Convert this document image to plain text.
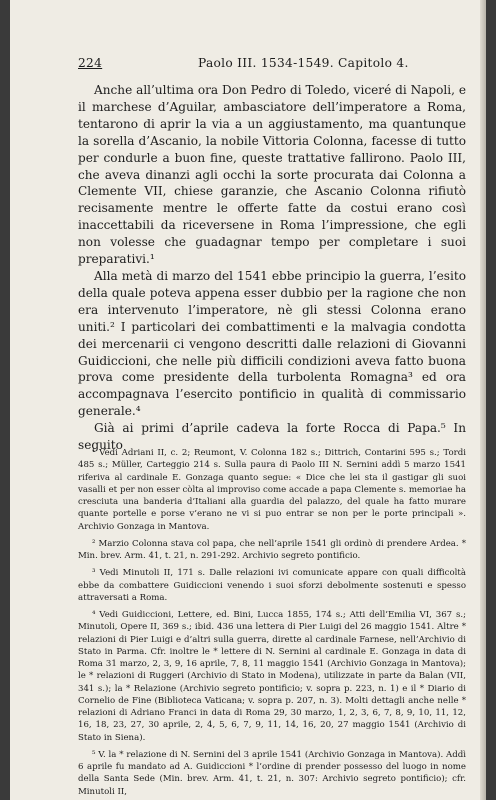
224	Paolo III. 1534-1549. Capitolo 4.

Anche all’ultima ora Don Pedro di Toledo, viceré di Napoli, e il marchese d’Aguilar, ambasciatore dell’imperatore a Roma, tentarono di aprir la via a un aggiustamento, ma quantunque la sorella d’Ascanio, la nobile Vittoria Colonna, facesse di tutto per condurle a buon fine, queste trattative fallirono. Paolo III, che aveva dinanzi agli occhi la sorte procurata dai Colonna a Clemente VII, chiese garanzie, che Ascanio Colonna rifiutò recisamente mentre le offerte fatte da costui erano così inaccettabili da riceversene in Roma l’impressione, che egli non volesse che guadagnar tempo per completare i suoi preparativi.¹

Alla metà di marzo del 1541 ebbe principio la guerra, l’esito della quale poteva appena esser dubbio per la ragione che non era intervenuto l’imperatore, nè gli stessi Colonna erano uniti.² I particolari dei combattimenti e la malvagia condotta dei mercenarii ci vengono descritti dalle relazioni di Giovanni Guidiccioni, che nelle più difficili condizioni aveva fatto buona prova come presidente della turbolenta Romagna³ ed ora accompagnava l’esercito pontificio in qualità di commissario generale.⁴

Già ai primi d’aprile cadeva la forte Rocca di Papa.⁵ In seguito

¹ Vedi Adriani II, c. 2; Reumont, V. Colonna 182 s.; Dittrich, Contarini 595 s.; Tordi 485 s.; Müller, Carteggio 214 s. Sulla paura di Paolo III N. Sernini addì 5 marzo 1541 riferiva al cardinale E. Gonzaga quanto segue: « Dice che lei sta il gastigar gli suoi vasalli et per non esser còlta al improviso come accade a papa Clemente s. memoriae ha cresciuta una banderia d’Italiani alla guardia del palazzo, del quale ha fatto murare quante portelle e porse v’erano ne vi si puo entrar se non per le porte principali ». Archivio Gonzaga in Mantova.

² Marzio Colonna stava col papa, che nell’aprile 1541 gli ordinò di prendere Ardea. * Min. brev. Arm. 41, t. 21, n. 291-292. Archivio segreto pontificio.

³ Vedi Minutoli II, 171 s. Dalle relazioni ivi comunicate appare con quali difficoltà ebbe da combattere Guidiccioni venendo i suoi sforzi debolmente sostenuti e spesso attraversati a Roma.

⁴ Vedi Guidiccioni, Lettere, ed. Bini, Lucca 1855, 174 s.; Atti dell’Emilia VI, 367 s.; Minutoli, Opere II, 369 s.; ibid. 436 una lettera di Pier Luigi del 26 maggio 1541. Altre * relazioni di Pier Luigi e d’altri sulla guerra, dirette al cardinale Farnese, nell’Archivio di Stato in Parma. Cfr. inoltre le * lettere di N. Sernini al cardinale E. Gonzaga in data di Roma 31 marzo, 2, 3, 9, 16 aprile, 7, 8, 11 maggio 1541 (Archivio Gonzaga in Mantova); le * relazioni di Ruggeri (Archivio di Stato in Modena), utilizzate in parte da Balan (VII, 341 s.); la * Relazione (Archivio segreto pontificio; v. sopra p. 223, n. 1) e il * Diario di Cornelio de Fine (Biblioteca Vaticana; v. sopra p. 207, n. 3). Molti dettagli anche nelle * relazioni di Adriano Franci in data di Roma 29, 30 marzo, 1, 2, 3, 6, 7, 8, 9, 10, 11, 12, 16, 18, 23, 27, 30 aprile, 2, 4, 5, 6, 7, 9, 11, 14, 16, 20, 27 maggio 1541 (Archivio di Stato in Siena).

⁵ V. la * relazione di N. Sernini del 3 aprile 1541 (Archivio Gonzaga in Mantova). Addì 6 aprile fu mandato ad A. Guidiccioni * l’ordine di prender possesso del luogo in nome della Santa Sede (Min. brev. Arm. 41, t. 21, n. 307: Archivio segreto pontificio); cfr. Minutoli II,
